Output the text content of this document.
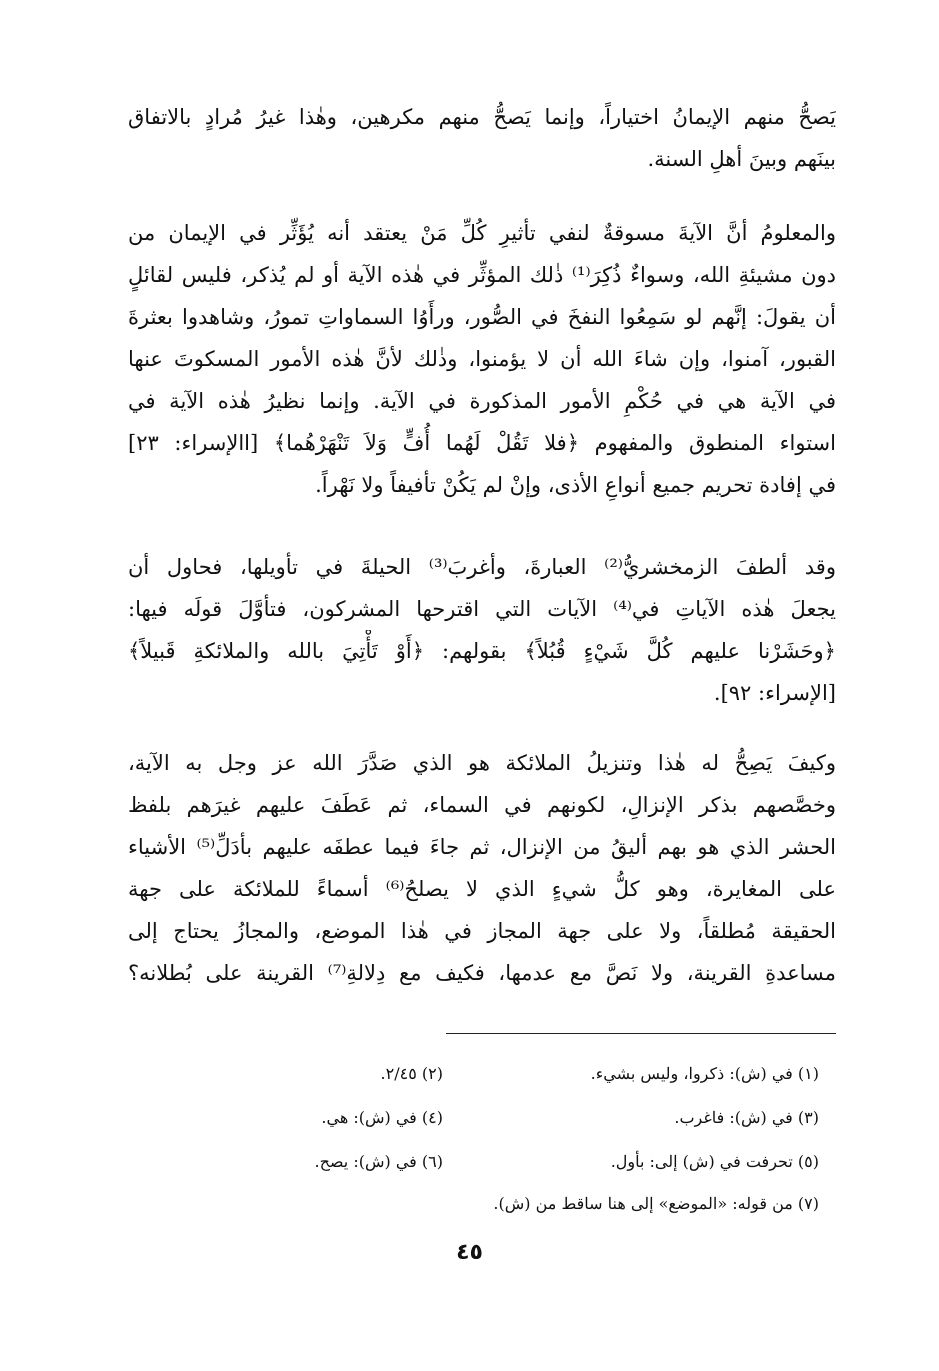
يَصحُّ منهم الإيمانُ اختياراً، وإنما يَصحُّ منهم مكرهين، وهٰذا غيرُ مُرادٍ بالاتفاق
بينَهم وبينَ أهلِ السنة.
والمعلومُ أنَّ الآيةَ مسوقةٌ لنفي تأثيرِ كُلِّ مَنْ يعتقد أنه يُؤَثِّر في الإيمان من
دون مشيئةِ الله، وسواءٌ ذُكِرَ⁽¹⁾ ذٰلك المؤثِّر في هٰذه الآية أو لم يُذكر، فليس لقائلٍ
أن يقولَ: إنَّهم لو سَمِعُوا النفخَ في الصُّور، ورأَوُا السماواتِ تمورُ، وشاهدوا بعثرةَ
القبور، آمنوا، وإن شاءَ الله أن لا يؤمنوا، وذٰلك لأنَّ هٰذه الأمور المسكوتَ عنها
في الآية هي في حُكْمِ الأمور المذكورة في الآية. وإنما نظيرُ هٰذه الآية في
استواء المنطوق والمفهوم ﴿فلا تَقُلْ لَهُما أُفٍّ وَلاَ تَنْهَرْهُما﴾ [االإسراء: ٢٣]
في إفادة تحريم جميع أنواعِ الأذى، وإنْ لم يَكُنْ تأفيفاً ولا نَهْراً.
وقد ألطفَ الزمخشريُّ⁽²⁾ العبارةَ، وأغربَ⁽³⁾ الحيلةَ في تأويلها، فحاول أن
يجعلَ هٰذه الآياتِ في⁽⁴⁾ الآيات التي اقترحها المشركون، فتأوَّلَ قولَه فيها:
﴿وحَشَرْنا عليهم كُلَّ شَيْءٍ قُبُلاً﴾ بقولهم: ﴿أَوْ تَأْتِيَ بالله والملائكةِ قَبيلاً﴾
[الإسراء: ٩٢].
وكيفَ يَصِحُّ له هٰذا وتنزيلُ الملائكة هو الذي صَدَّرَ الله عز وجل به الآية،
وخصَّصهم بذكر الإنزالِ، لكونهم في السماء، ثم عَطَفَ عليهم غيرَهم بلفظ
الحشر الذي هو بهم أليقُ من الإنزال، ثم جاءَ فيما عطفَه عليهم بأدَلِّ⁽⁵⁾ الأشياء
على المغايرة، وهو كلُّ شيءٍ الذي لا يصلحُ⁽⁶⁾ أسماءً للملائكة على جهة
الحقيقة مُطلقاً، ولا على جهة المجاز في هٰذا الموضع، والمجازُ يحتاج إلى
مساعدةِ القرينة، ولا نَصَّ مع عدمها، فكيف مع دِلالةِ⁽⁷⁾ القرينة على بُطلانه؟
(١) في (ش): ذكروا، وليس بشيء.
(٢) ٢/٤٥.
(٣) في (ش): فاغرب.
(٤) في (ش): هي.
(٥) تحرفت في (ش) إلى: بأول.
(٦) في (ش): يصح.
(٧) من قوله: «الموضع» إلى هنا ساقط من (ش).
٤٥
